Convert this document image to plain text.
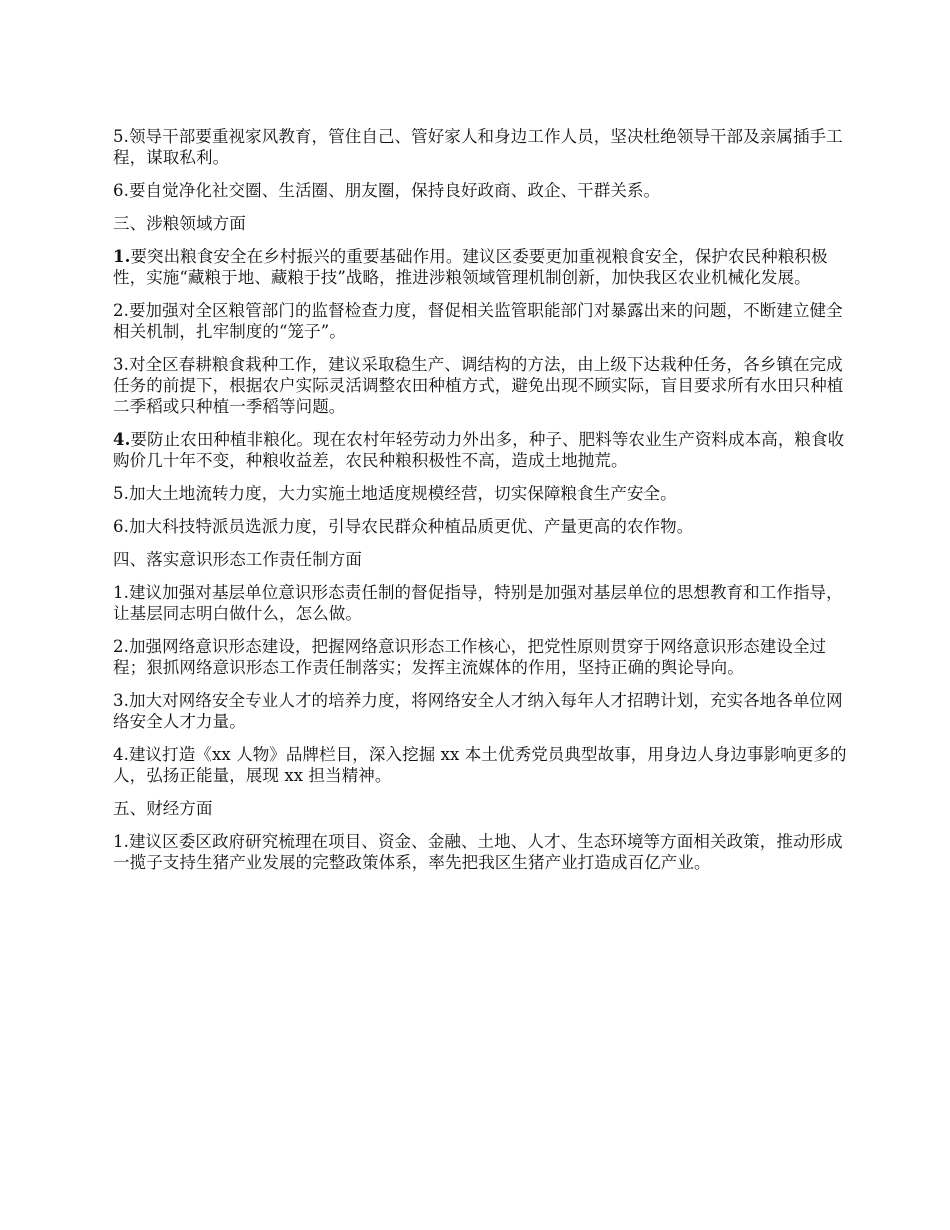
5.领导干部要重视家风教育，管住自己、管好家人和身边工作人员，坚决杜绝领导干部及亲属插手工程，谋取私利。

6.要自觉净化社交圈、生活圈、朋友圈，保持良好政商、政企、干群关系。

三、涉粮领域方面

1.要突出粮食安全在乡村振兴的重要基础作用。建议区委要更加重视粮食安全，保护农民种粮积极性，实施“藏粮于地、藏粮于技”战略，推进涉粮领域管理机制创新，加快我区农业机械化发展。

2.要加强对全区粮管部门的监督检查力度，督促相关监管职能部门对暴露出来的问题，不断建立健全相关机制，扎牢制度的“笼子”。

3.对全区春耕粮食栽种工作，建议采取稳生产、调结构的方法，由上级下达栽种任务，各乡镇在完成任务的前提下，根据农户实际灵活调整农田种植方式，避免出现不顾实际，盲目要求所有水田只种植二季稻或只种植一季稻等问题。

4.要防止农田种植非粮化。现在农村年轻劳动力外出多，种子、肥料等农业生产资料成本高，粮食收购价几十年不变，种粮收益差，农民种粮积极性不高，造成土地抛荒。

5.加大土地流转力度，大力实施土地适度规模经营，切实保障粮食生产安全。

6.加大科技特派员选派力度，引导农民群众种植品质更优、产量更高的农作物。

四、落实意识形态工作责任制方面

1.建议加强对基层单位意识形态责任制的督促指导，特别是加强对基层单位的思想教育和工作指导，让基层同志明白做什么，怎么做。

2.加强网络意识形态建设，把握网络意识形态工作核心，把党性原则贯穿于网络意识形态建设全过程；狠抓网络意识形态工作责任制落实；发挥主流媒体的作用，坚持正确的舆论导向。

3.加大对网络安全专业人才的培养力度，将网络安全人才纳入每年人才招聘计划，充实各地各单位网络安全人才力量。

4.建议打造《xx 人物》品牌栏目，深入挖掘 xx 本土优秀党员典型故事，用身边人身边事影响更多的人，弘扬正能量，展现 xx 担当精神。

五、财经方面

1.建议区委区政府研究梳理在项目、资金、金融、土地、人才、生态环境等方面相关政策，推动形成一揽子支持生猪产业发展的完整政策体系，率先把我区生猪产业打造成百亿产业。
